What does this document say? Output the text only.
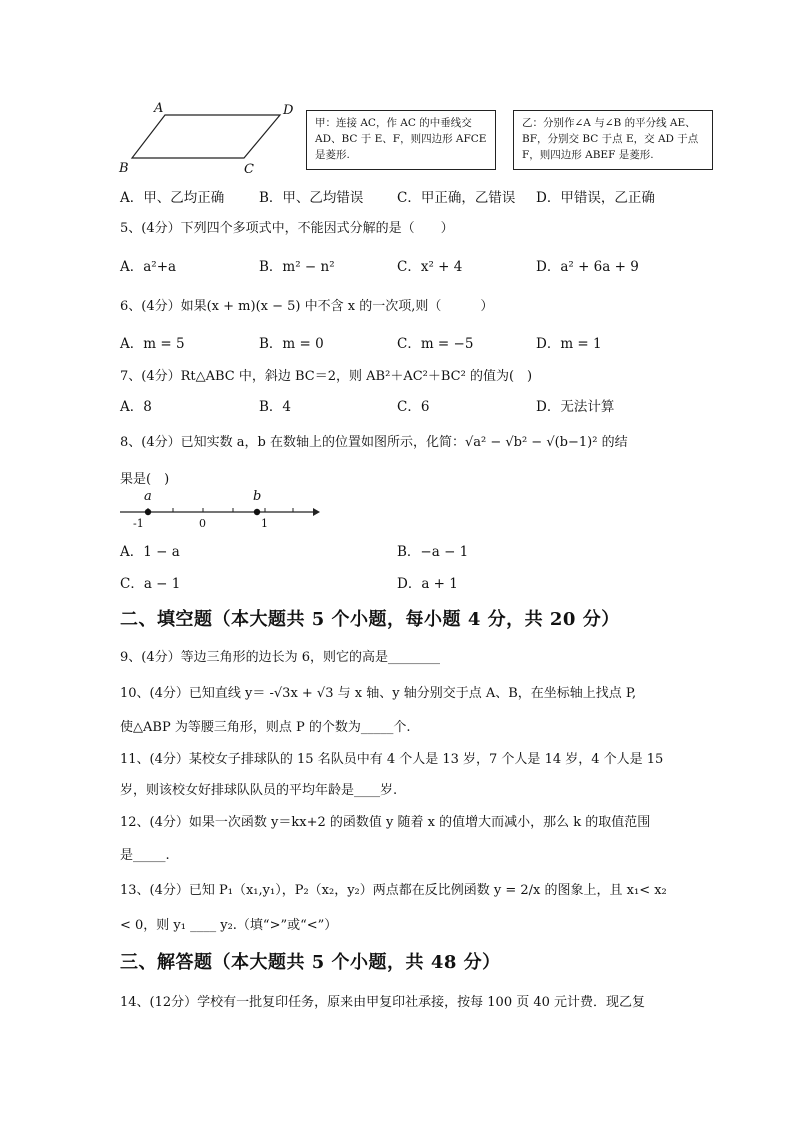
A	D
B	C
甲：连接 AC，作 AC 的中垂线交 AD、BC 于 E、F，则四边形 AFCE 是菱形.
乙：分别作∠A 与∠B 的平分线 AE、BF，分别交 BC 于点 E，交 AD 于点 F，则四边形 ABEF 是菱形.
A．甲、乙均正确	B．甲、乙均错误 C．甲正确，乙错误 D．甲错误，乙正确
5、(4分）下列四个多项式中，不能因式分解的是（　　）
A．a²+a	B．m² − n²	C．x² + 4	D．a² + 6a + 9
6、(4分）如果(x + m)(x − 5) 中不含 x 的一次项,则（　　　）
A．m = 5	B．m = 0	C．m = −5	D．m = 1
7、(4分）Rt△ABC 中，斜边 BC＝2，则 AB²＋AC²＋BC² 的值为(　)
A．8	B．4	C．6	D．无法计算
8、(4分）已知实数 a，b 在数轴上的位置如图所示，化简：√a² − √b² − √(b−1)² 的结
果是(　)
a	b
-1	0	1
A．1 − a	B．−a − 1
C．a − 1	D．a + 1
二、填空题（本大题共 5 个小题，每小题 4 分，共 20 分）
9、(4分）等边三角形的边长为 6，则它的高是________
10、(4分）已知直线 y＝ -√3x + √3 与 x 轴、y 轴分别交于点 A、B，在坐标轴上找点 P,
使△ABP 为等腰三角形，则点 P 的个数为_____个.
11、(4分）某校女子排球队的 15 名队员中有 4 个人是 13 岁，7 个人是 14 岁，4 个人是 15
岁，则该校女好排球队队员的平均年龄是____岁.
12、(4分）如果一次函数 y＝kx+2 的函数值 y 随着 x 的值增大而减小，那么 k 的取值范围
是_____.
13、(4分）已知 P₁（x₁,y₁），P₂（x₂，y₂）两点都在反比例函数 y = 2/x 的图象上，且 x₁< x₂
< 0，则 y₁ ____ y₂.（填“>”或“<”）
三、解答题（本大题共 5 个小题，共 48 分）
14、(12分）学校有一批复印任务，原来由甲复印社承接，按每 100 页 40 元计费．现乙复
